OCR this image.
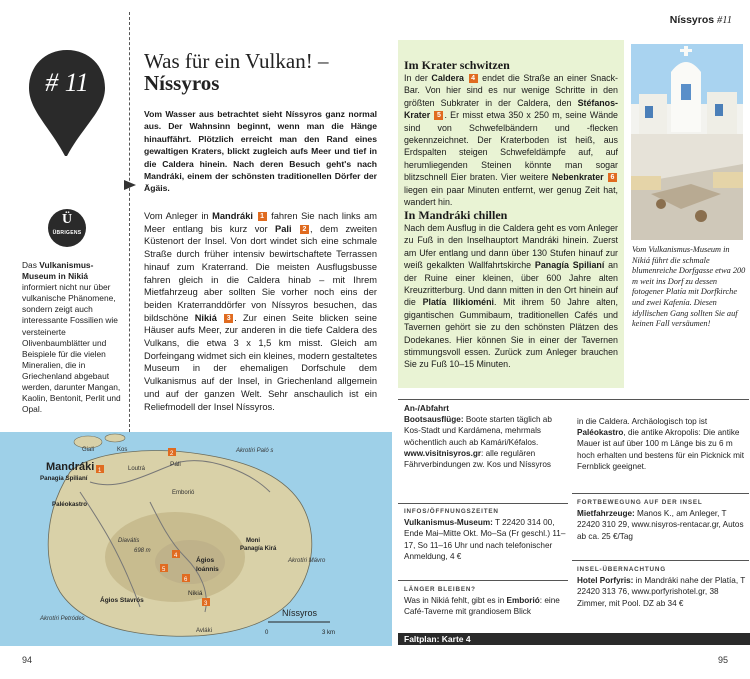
Níssyros #11
# 11
Was für ein Vulkan! –
Níssyros
Vom Wasser aus betrachtet sieht Níssyros ganz normal aus. Der Wahnsinn beginnt, wenn man die Hänge hinauffährt. Plötzlich erreicht man den Rand eines gewaltigen Kraters, blickt zugleich aufs Meer und tief in die Caldera hinein. Nach deren Besuch geht's nach Mandráki, einem der schönsten traditionellen Dörfer der Ägäis.
Vom Anleger in Mandráki 1 fahren Sie nach links am Meer entlang bis kurz vor Pali 2 , dem zweiten Küstenort der Insel. Von dort windet sich eine schmale Straße durch früher intensiv bewirtschaftete Terrassen hinauf zum Kraterrand. Die meisten Ausflugsbusse fahren gleich in die Caldera hinab – mit Ihrem Mietfahrzeug aber sollten Sie vorher noch eins der beiden Kraterranddörfer von Níssyros besuchen, das bildschöne Nikiá 3 . Zur einen Seite blicken seine Häuser aufs Meer, zur anderen in die tiefe Caldera des Vulkans, die etwa 3 x 1,5 km misst. Gleich am Dorfeingang widmet sich ein kleines, modern gestaltetes Museum in der ehemaligen Dorfschule dem Vulkanismus auf der Insel, in Griechenland allgemein und auf der ganzen Welt. Sehr anschaulich ist ein Reliefmodell der Insel Níssyros.
Ü
ÜBRIGENS
Das Vulkanismus-Museum in Nikiá informiert nicht nur über vulkanische Phänomene, sondern zeigt auch interessante Fossilien wie versteinerte Olivenbaumblätter und Beispiele für die vielen Mineralien, die in Griechenland abgebaut werden, darunter Mangan, Kaolin, Bentonit, Perlit und Opal.
Im Krater schwitzen
In der Caldera 4 endet die Straße an einer Snack-Bar. Von hier sind es nur wenige Schritte in den größten Subkrater in der Caldera, den Stéfanos-Krater 5 . Er misst etwa 350 x 250 m, seine Wände sind von Schwefelbändern und -flecken gekennzeichnet. Der Kraterboden ist heiß, aus Erdspalten steigen Schwefeldämpfe auf, auf herumliegenden Steinen könnte man sogar blitzschnell Eier braten. Vier weitere Nebenkrater 6 liegen ein paar Minuten entfernt, wer genug Zeit hat, wandert hin.
In Mandráki chillen
Nach dem Ausflug in die Caldera geht es vom Anleger zu Fuß in den Inselhauptort Mandráki hinein. Zuerst am Ufer entlang und dann über 130 Stufen hinauf zur weiß gekalkten Wallfahrtskirche Panagía Spilianí an der Ruine einer kleinen, über 600 Jahre alten Kreuzritterburg. Und dann mitten in den Ort hinein auf die Platía Ilikioméni. Mit ihrem 50 Jahre alten, gigantischen Gummibaum, traditionellen Cafés und Tavernen gehört sie zu den schönsten Plätzen des Dodekanes. Hier können Sie in einer der Tavernen stimmungsvoll essen. Zurück zum Anleger brauchen Sie zu Fuß 10–15 Minuten.
Vom Vulkanismus-Museum in Nikiá führt die schmale blumenreiche Dorfgasse etwa 200 m weit ins Dorf zu dessen fotogener Platía mit Dorfkirche und zwei Kafenía. Diesen idyllischen Gang sollten Sie auf keinen Fall versäumen!
An-/Abfahrt
Bootsausflüge: Boote starten täglich ab Kos-Stadt und Kardámena, mehrmals wöchentlich auch ab Kamári/Kéfalos. www.visitnisyros.gr: alle regulären Fährverbindungen zw. Kos und Níssyros
INFOS/ÖFFNUNGSZEITEN
Vulkanismus-Museum: T 22420 314 00, Ende Mai–Mitte Okt. Mo–Sa (Fr geschl.) 11–17, So 11–16 Uhr und nach telefonischer Anmeldung, 4 €
LÄNGER BLEIBEN?
Was in Nikiá fehlt, gibt es in Emborió: eine Café-Taverne mit grandiosem Blick
in die Caldera. Archäologisch top ist Paléokastro, die antike Akropolis: Die antike Mauer ist auf über 100 m Länge bis zu 6 m hoch erhalten und bestens für ein Picknick mit Fernblick geeignet.
FORTBEWEGUNG AUF DER INSEL
Mietfahrzeuge: Manos K., am Anleger, T 22420 310 29, www.nisyros-rentacar.gr, Autos ab ca. 25 €/Tag
INSEL-ÜBERNACHTUNG
Hotel Porfyris: in Mandráki nahe der Platía, T 22420 313 76, www.porfyrishotel.gr, 38 Zimmer, mit Pool. DZ ab 34 €
Faltplan: Karte 4
Giali	Kos
Mandráki
Panagía Spilianí
Paléokastro
Loutrá
Páli
Akrotíri Paló s
Emborió
Diavátis
698 m
Moni
Panagía Kirá
Akrotíri Mávro
Ágios
Ioánnis
Nikiá
Ágios Stavrós
Akrotíri Petródes
Avláki
Níssyros
0	3 km
1
2
3
4
5
6
94	95
